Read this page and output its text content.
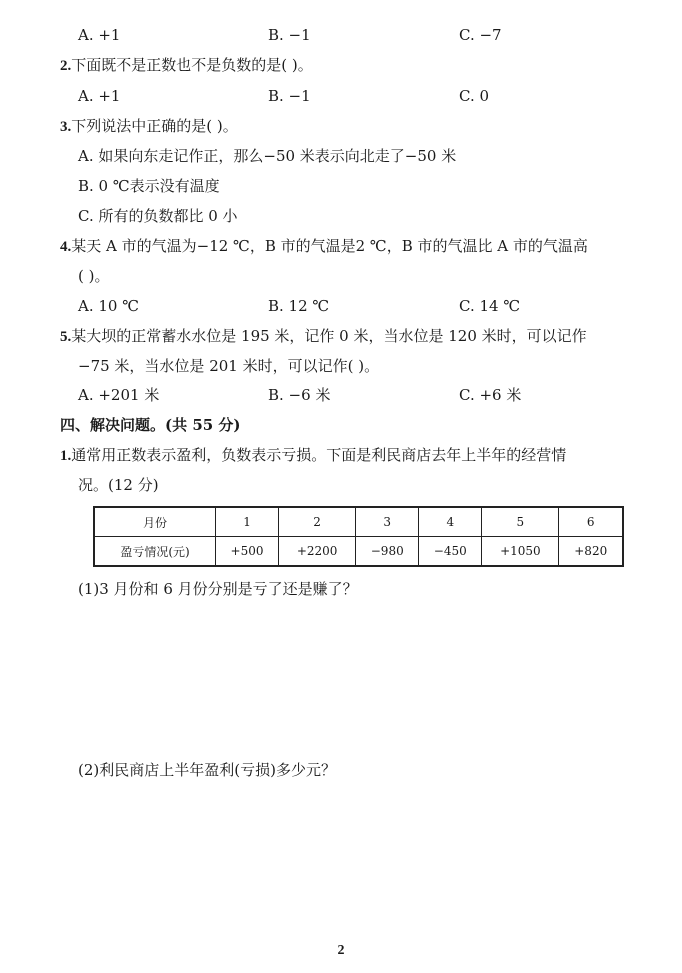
A. +1	B. −1	C. −7
2.下面既不是正数也不是负数的是( )。
A. +1	B. −1	C. 0
3.下列说法中正确的是( )。
A. 如果向东走记作正，那么−50 米表示向北走了−50 米
B. 0 ℃表示没有温度
C. 所有的负数都比 0 小
4.某天 A 市的气温为−12 ℃，B 市的气温是2 ℃，B 市的气温比 A 市的气温高
( )。
A. 10 ℃	B. 12 ℃	C. 14 ℃
5.某大坝的正常蓄水水位是 195 米，记作 0 米，当水位是 120 米时，可以记作
−75 米，当水位是 201 米时，可以记作( )。
A. +201 米	B. −6 米	C. +6 米
四、解决问题。(共 55 分)
1.通常用正数表示盈利，负数表示亏损。下面是利民商店去年上半年的经营情
况。(12 分)
月份	1	2	3	4	5	6
盈亏情况(元)	+500	+2200	−980	−450	+1050	+820
(1)3 月份和 6 月份分别是亏了还是赚了？
(2)利民商店上半年盈利(亏损)多少元？
2
